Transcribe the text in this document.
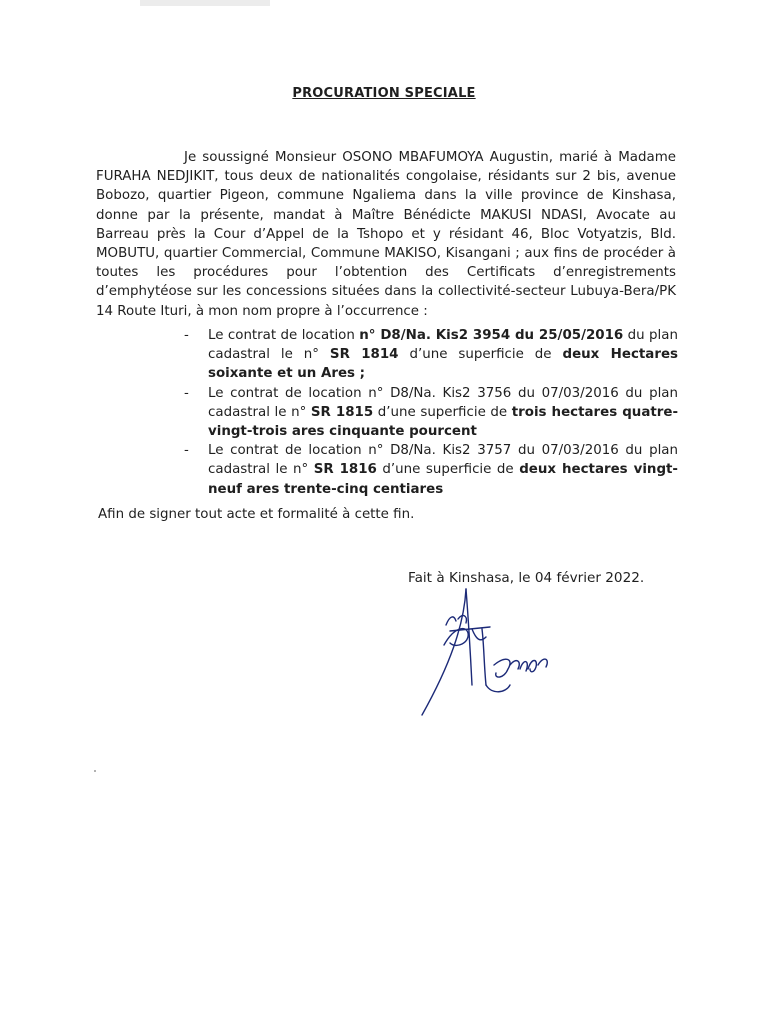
PROCURATION SPECIALE
Je soussigné Monsieur OSONO MBAFUMOYA Augustin, marié à Madame FURAHA NEDJIKIT, tous deux de nationalités congolaise, résidants sur 2 bis, avenue Bobozo, quartier Pigeon, commune Ngaliema dans la ville province de Kinshasa, donne par la présente, mandat à Maître Bénédicte MAKUSI NDASI, Avocate au Barreau près la Cour d’Appel de la Tshopo et y résidant 46, Bloc Votyatzis, Bld. MOBUTU, quartier Commercial, Commune MAKISO, Kisangani ; aux fins de procéder à toutes les procédures pour l’obtention des Certificats d’enregistrements d’emphytéose sur les concessions situées dans la collectivité-secteur Lubuya-Bera/PK 14 Route Ituri, à mon nom propre à l’occurrence :
- Le contrat de location n° D8/Na. Kis2 3954 du 25/05/2016 du plan cadastral le n° SR 1814 d’une superficie de deux Hectares soixante et un Ares ;
- Le contrat de location n° D8/Na. Kis2 3756 du 07/03/2016 du plan cadastral le n° SR 1815 d’une superficie de trois hectares quatre-vingt-trois ares cinquante pourcent
- Le contrat de location n° D8/Na. Kis2 3757 du 07/03/2016 du plan cadastral le n° SR 1816 d’une superficie de deux hectares vingt-neuf ares trente-cinq centiares
Afin de signer tout acte et formalité à cette fin.
Fait à Kinshasa, le 04 février 2022.
